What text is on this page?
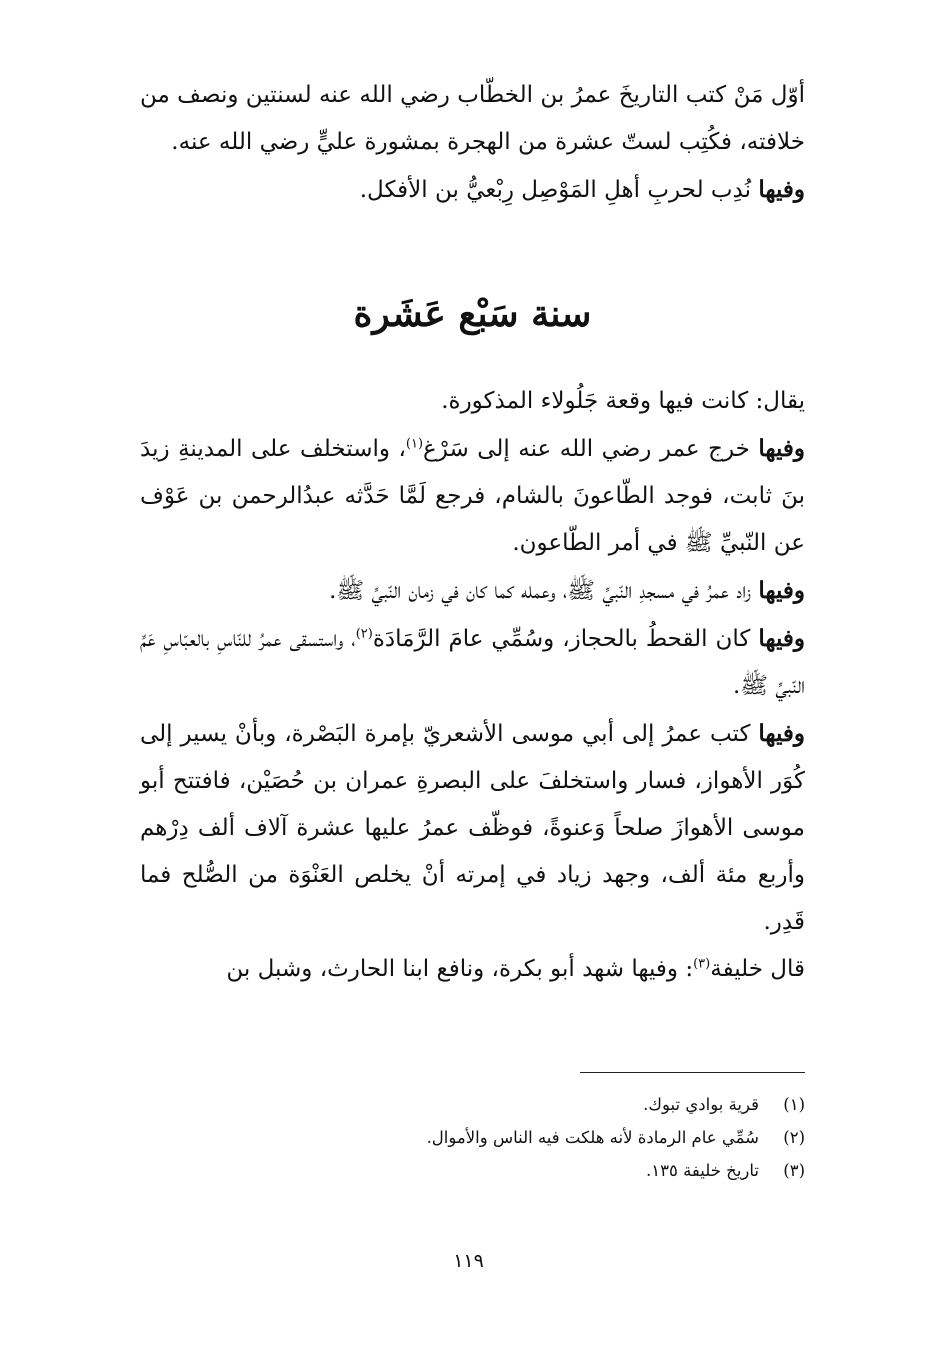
أوّل مَنْ كتب التاريخَ عمرُ بن الخطّاب رضي الله عنه لسنتين ونصف من خلافته، فكُتِب لستّ عشرة من الهجرة بمشورة عليٍّ رضي الله عنه.

وفيها نُدِب لحربِ أهلِ المَوْصِل رِبْعيُّ بن الأفكل.

سنة سَبْع عَشَرة

يقال: كانت فيها وقعة جَلُولاء المذكورة.

وفيها خرج عمر رضي الله عنه إلى سَرْغ$^{(١)}$، واستخلف على المدينةِ زيدَ بنَ ثابت، فوجد الطّاعونَ بالشام، فرجع لَمَّا حَدَّثه عبدُالرحمن بن عَوْف عن النّبيِّ ﷺ في أمر الطّاعون.

وفيها زاد عمرُ في مسجدِ النّبيِّ ﷺ، وعمله كما كان في زمان النّبيِّ ﷺ.

وفيها كان القحطُ بالحجاز، وسُمِّي عامَ الرَّمَادَة$^{(٢)}$، واستسقى عمرُ للنّاسِ بالعبّاسِ عَمِّ النّبيِّ ﷺ.

وفيها كتب عمرُ إلى أبي موسى الأشعريّ بإمرة البَصْرة، وبأنْ يسير إلى كُوَر الأهواز، فسار واستخلفَ على البصرةِ عمران بن حُصَيْن، فافتتح أبو موسى الأهوازَ صلحاً وَعنوةً، فوظّف عمرُ عليها عشرة آلاف ألف دِرْهم وأربع مئة ألف، وجهد زياد في إمرته أنْ يخلص العَنْوَة من الصُّلح فما قَدِر.

قال خليفة$^{(٣)}$: وفيها شهد أبو بكرة، ونافع ابنا الحارث، وشبل بن

(١)
قرية بوادي تبوك.
(٢)
سُمِّي عام الرمادة لأنه هلكت فيه الناس والأموال.
(٣)
تاريخ خليفة ١٣٥.
١١٩
